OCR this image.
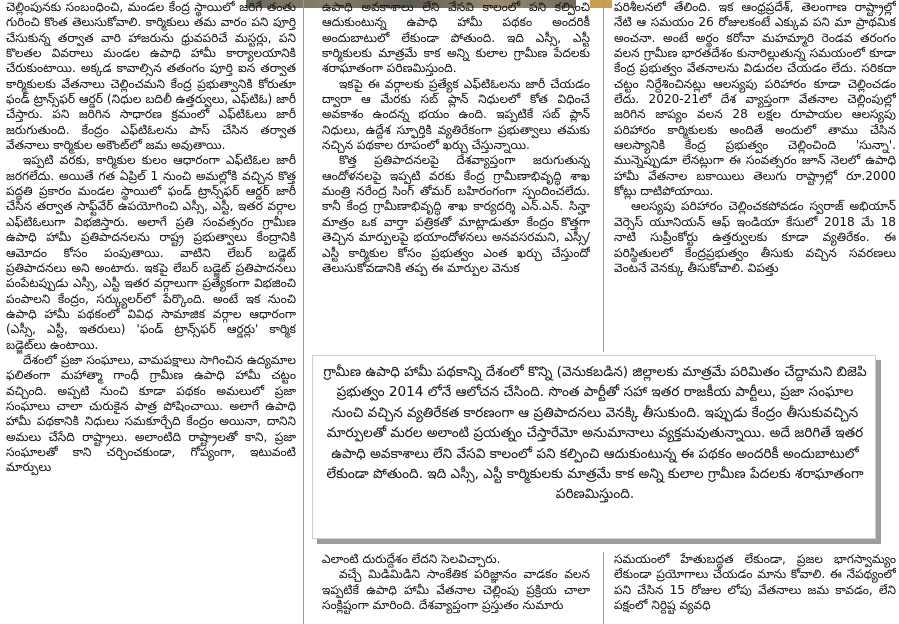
చెల్లింపునకు సంబంధించి, మండల కేంద్ర స్థాయిలో జరిగే తంతు గురించి కొంత తెలుసుకోవాలి. కార్మికులు తమ వారం పని పూర్తి చేసుకున్న తర్వాత వారి హాజరును ధ్రువపరిచే మస్టర్లు, పని కొలతల వివరాలు మండల ఉపాధి హామీ కార్యాలయానికి చేరుకుంటాయి. అక్కడ కావాల్సిన తతంగం పూర్తి ఐన తర్వాత కార్మికులకు వేతనాలు చెల్లించమని కేంద్ర ప్రభుత్వానికి కోరుతూ ఫండ్ ట్రాన్స్‌ఫర్ ఆర్డర్ (నిధుల బదిలీ ఉత్తర్వులు, ఎఫ్‌టిఓ) జారీ చేస్తారు. పని జరిగిన సాధారణ క్రమంలో ఎఫ్‌టిఓలు జారీ జరుగుతుంది. కేంద్రం ఎఫ్‌టిఓలను పాస్ చేసిన తర్వాత వేతనాలు కార్మికుల అకౌంట్‌లో జమ అవుతాయి.

ఇప్పటి వరకు, కార్మికుల కులం ఆధారంగా ఎఫ్‌టిఓల జారీ జరగలేదు. అయితే గత ఏప్రిల్ 1 నుంచి అమల్లోకి వచ్చిన కొత్త పద్ధతి ప్రకారం మండల స్థాయిలో ఫండ్ ట్రాన్స్‌ఫర్ ఆర్డర్ జారీ చేసిన తర్వాత సాఫ్ట్‌వేర్ ఉపయోగించి ఎస్సీ, ఎస్టీ, ఇతర వర్గాల ఎఫ్‌టిఓలుగా విభజిస్తారు. అలాగే ప్రతి సంవత్సరం గ్రామీణ ఉపాధి హామీ ప్రతిపాదనలను రాష్ట్ర ప్రభుత్వాలు కేంద్రానికి ఆమోదం కోసం పంపుతాయి. వాటిని లేబర్ బడ్జెట్ ప్రతిపాదనలు అని అంటారు. ఇకపై లేబర్ బడ్జెట్ ప్రతిపాదనలు పంపేటప్పుడు ఎస్సీ, ఎస్టీ ఇతర వర్గాలుగా ప్రత్యేకంగా విభజించి పంపాలని కేంద్రం, సర్క్యులర్‌లో పేర్కొంది. అంటే ఇక నుంచి ఉపాధి హామీ పథకంలో వివిధ సామాజిక వర్గాల ఆధారంగా (ఎస్సీ, ఎస్టీ, ఇతరులు) 'ఫండ్ ట్రాన్స్‌ఫర్ ఆర్డర్లు' కార్మిక బడ్జెట్‌లు ఉంటాయి.

దేశంలో ప్రజా సంఘాలు, వామపక్షాలు సాగించిన ఉద్యమాల ఫలితంగా మహాత్మా గాంధీ గ్రామీణ ఉపాధి హామీ చట్టం వచ్చింది. అప్పటి నుంచి కూడా పథకం అమలులో ప్రజా సంఘాలు చాలా చురుకైన పాత్ర పోషించాయి. అలాగే ఉపాధి హామీ పథకానికి నిధులు సమకూర్చేది కేంద్రం అయినా, దానిని అమలు చేసేది రాష్ట్రాలు. అలాంటిది రాష్ట్రాలతో కాని, ప్రజా సంఘాలతో కాని చర్చించకుండా, గోప్యంగా, ఇటువంటి మార్పులు

ఉపాధి అవకాశాలు లేని వేసవి కాలంలో పని కల్పించి ఆదుకుంటున్న ఉపాధి హామీ పథకం అందరికీ అందుబాటులో లేకుండా పోతుంది. ఇది ఎస్సీ, ఎస్టీ కార్మికులకు మాత్రమే కాక అన్ని కులాల గ్రామీణ పేదలకు శరాఘాతంగా పరిణమిస్తుంది.

ఇకపై ఈ వర్గాలకు ప్రత్యేక ఎఫ్‌టిఓలను జారీ చేయడం ద్వారా ఆ మేరకు సబ్ ప్లాన్ నిధులలో కోత విధించే అవకాశం ఉందన్న భయం ఉంది. ఇప్పటికే సబ్ ప్లాన్ నిధులు, ఉద్దేశ స్ఫూర్తికి వ్యతిరేకంగా ప్రభుత్వాలు తమకు నచ్చిన పథకాల రూపంలో ఖర్చు చేస్తున్నాయి.

కొత్త ప్రతిపాదనలపై దేశవ్యాప్తంగా జరుగుతున్న ఆందోళనలపై ఇప్పటి వరకు కేంద్ర గ్రామీణాభివృద్ధి శాఖ మంత్రి నరేంద్ర సింగ్ తోమర్ బహిరంగంగా స్పందించలేదు. కానీ కేంద్ర గ్రామీణాభివృద్ధి శాఖ కార్యదర్శి ఎన్.ఎన్. సిన్హా మాత్రం ఒక వార్తా పత్రికతో మాట్లాడుతూ కేంద్రం కొత్తగా తెచ్చిన మార్పులపై భయాందోళనలు అనవసరమని, ఎస్సీ/ఎస్టీ కార్మికుల కోసం ప్రభుత్వం ఎంత ఖర్చు చేస్తుందో తెలుసుకోవడానికి తప్ప ఈ మార్పుల వెనుక

పరిశీలనలో తేలింది. ఇక ఆంధ్రప్రదేశ్, తెలంగాణ రాష్ట్రాల్లో నేటి ఆ సమయం 26 రోజులకంటే ఎక్కువ పని మా ప్రాథమిక అంచనా. అంటే అర్థం కరోనా మహమ్మారి రెండవ తరంగం వలన గ్రామీణ భారతదేశం కునారిల్లుతున్న సమయంలో కూడా కేంద్ర ప్రభుత్వం వేతనాలను విడుదల చేయడం లేదు. సరికదా చట్టం నిర్దేశించినట్లు ఆలస్యపు పరిహారం కూడా చెల్లించడం లేదు. 2020-21లో దేశ వ్యాప్తంగా వేతనాల చెల్లింపుల్లో జరిగిన జాప్యం వలన 28 లక్షల రూపాయల ఆలస్యపు పరిహారం కార్మికులకు అందితే అందులో తాము చేసిన ఆలస్యానికి కేంద్ర ప్రభుత్వం చెల్లించింది 'సున్నా'. మున్నెప్పుడూ లేనట్లుగా ఈ సంవత్సరం జూన్ నెలలో ఉపాధి హామీ వేతనాల బకాయిలు తెలుగు రాష్ట్రాల్లో రూ.2000 కోట్లు దాటిపోయాయి.

ఆలస్యపు పరిహారం చెల్లించకపోవడం స్వరాజ్ అభియాన్ వెర్సెస్ యూనియన్ ఆఫ్ ఇండియా కేసులో 2018 మే 18 నాటి సుప్రీంకోర్టు ఉత్తర్వులకు కూడా వ్యతిరేకం. ఈ పరిస్థితులలో కేంద్రప్రభుత్వం తీసుకు వచ్చిన సవరణలు వెంటనే వెనక్కు తీసుకోవాలి. విపత్తు

గ్రామీణ ఉపాధి హామీ పథకాన్ని దేశంలో కొన్ని (వెనుకబడిన) జిల్లాలకు మాత్రమే పరిమితం చేద్దామని బిజెపి ప్రభుత్వం 2014 లోనే ఆలోచన చేసింది. సొంత పార్టీతో సహా ఇతర రాజకీయ పార్టీలు, ప్రజా సంఘాల నుంచి వచ్చిన వ్యతిరేకత కారణంగా ఆ ప్రతిపాదనలు వెనక్కి తీసుకుంది. ఇప్పుడు కేంద్రం తీసుకువచ్చిన మార్పులతో మరల అలాంటి ప్రయత్నం చేస్తారేమో అనుమానాలు వ్యక్తమవుతున్నాయి. అదే జరిగితే ఇతర ఉపాధి అవకాశాలు లేని వేసవి కాలంలో పని కల్పించి ఆదుకుంటున్న ఈ పథకం అందరికీ అందుబాటులో లేకుండా పోతుంది. ఇది ఎస్సీ, ఎస్టీ కార్మికులకు మాత్రమే కాక అన్ని కులాల గ్రామీణ పేదలకు శరాఘాతంగా పరిణమిస్తుంది.

ఎలాంటి దురుద్దేశం లేదని సెలవిచ్చారు.

వచ్చే మిడిమిడిని సాంకేతిక పరిజ్ఞానం వాడకం వలన ఇప్పటికే ఉపాధి హామీ వేతనాల చెల్లింపు ప్రక్రియ చాలా సంక్లిష్టంగా మారింది. దేశవ్యాప్తంగా ప్రస్తుతం నుమారు

సమయంలో హేతుబద్ధత లేకుండా, ప్రజల భాగస్వామ్యం లేకుండా ప్రయోగాలు చేయడం మాను కోవాలి. ఈ నేపథ్యంలో పని చేసిన 15 రోజుల లోపు వేతనాలు జమ కావడం, లేని పక్షంలో నిర్దిష్ట వ్యవధి
